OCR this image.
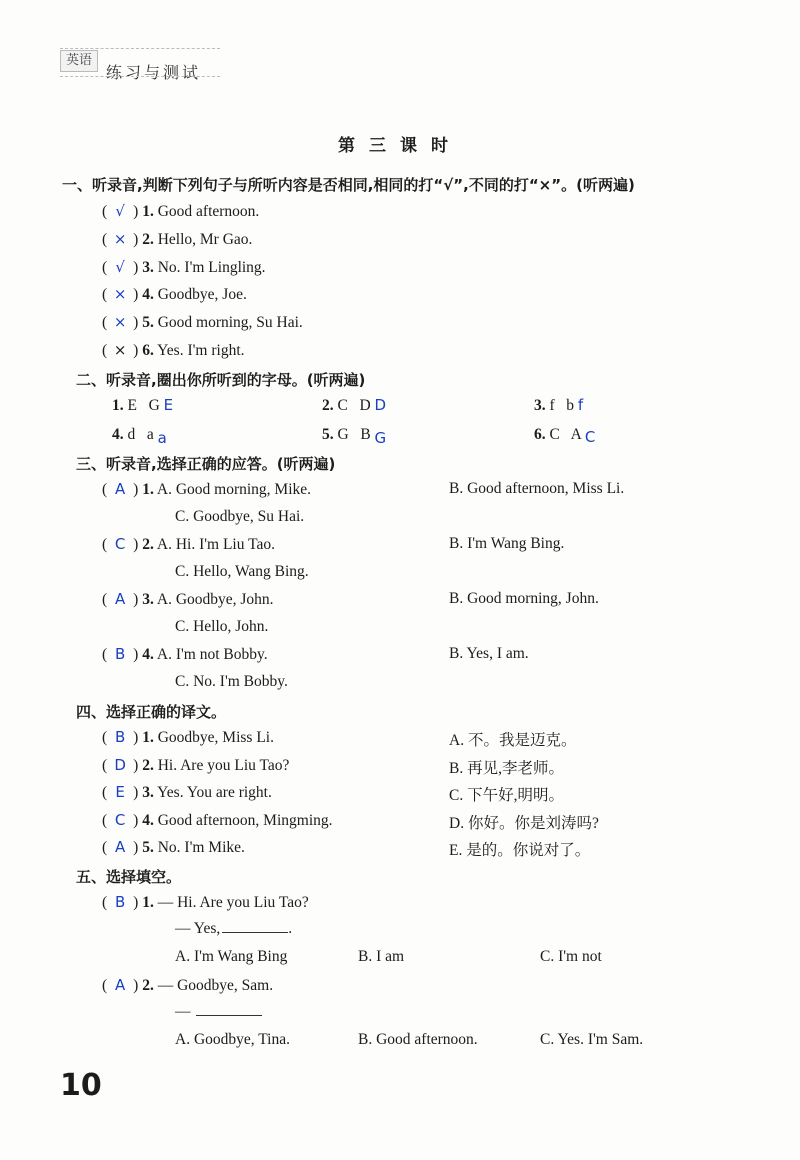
英语
练习与测试
第三课时
一、听录音,判断下列句子与所听内容是否相同,相同的打“√”,不同的打“×”。(听两遍)
( √ ) 1. Good afternoon.
( × ) 2. Hello, Mr Gao.
( √ ) 3. No. I'm Lingling.
( × ) 4. Goodbye, Joe.
( × ) 5. Good morning, Su Hai.
( × ) 6. Yes. I'm right.
二、听录音,圈出你所听到的字母。(听两遍)
1. E   G E	2. C   D D	3. f   b f
4. d   a a	5. G   B G	6. C   A C
三、听录音,选择正确的应答。(听两遍)
( A ) 1. A. Good morning, Mike.	B. Good afternoon, Miss Li.
C. Goodbye, Su Hai.
( C ) 2. A. Hi. I'm Liu Tao.	B. I'm Wang Bing.
C. Hello, Wang Bing.
( A ) 3. A. Goodbye, John.	B. Good morning, John.
C. Hello, John.
( B ) 4. A. I'm not Bobby.	B. Yes, I am.
C. No. I'm Bobby.
四、选择正确的译文。
( B ) 1. Goodbye, Miss Li.	A. 不。我是迈克。
( D ) 2. Hi. Are you Liu Tao?	B. 再见,李老师。
( E ) 3. Yes. You are right.	C. 下午好,明明。
( C ) 4. Good afternoon, Mingming.	D. 你好。你是刘涛吗?
( A ) 5. No. I'm Mike.	E. 是的。你说对了。
五、选择填空。
( B ) 1. — Hi. Are you Liu Tao?
— Yes,	.
A. I'm Wang Bing	B. I am	C. I'm not
( A ) 2. — Goodbye, Sam.
—
A. Goodbye, Tina.	B. Good afternoon.	C. Yes. I'm Sam.
10
